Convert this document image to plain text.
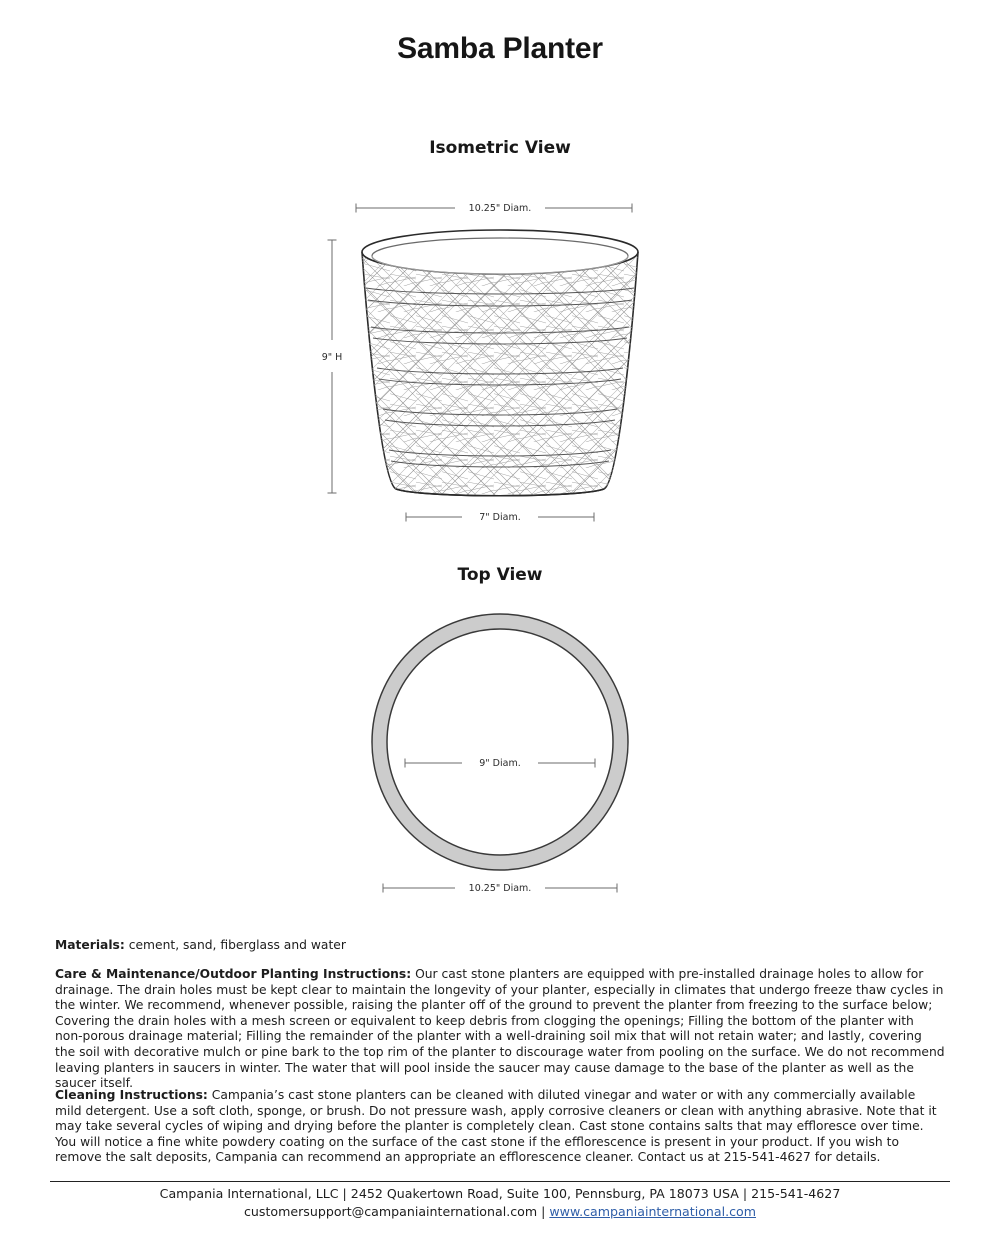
Samba Planter
Isometric View
10.25" Diam.
9" H
7" Diam.
Top View
9" Diam.
10.25" Diam.
Materials: cement, sand, fiberglass and water
Care & Maintenance/Outdoor Planting Instructions: Our cast stone planters are equipped with pre-installed drainage holes to allow for drainage. The drain holes must be kept clear to maintain the longevity of your planter, especially in climates that undergo freeze thaw cycles in the winter. We recommend, whenever possible, raising the planter off of the ground to prevent the planter from freezing to the surface below; Covering the drain holes with a mesh screen or equivalent to keep debris from clogging the openings; Filling the bottom of the planter with non-porous drainage material; Filling the remainder of the planter with a well-draining soil mix that will not retain water; and lastly, covering the soil with decorative mulch or pine bark to the top rim of the planter to discourage water from pooling on the surface. We do not recommend leaving planters in saucers in winter. The water that will pool inside the saucer may cause damage to the base of the planter as well as the saucer itself.
Cleaning Instructions: Campania’s cast stone planters can be cleaned with diluted vinegar and water or with any commercially available mild detergent. Use a soft cloth, sponge, or brush. Do not pressure wash, apply corrosive cleaners or clean with anything abrasive. Note that it may take several cycles of wiping and drying before the planter is completely clean. Cast stone contains salts that may effloresce over time. You will notice a fine white powdery coating on the surface of the cast stone if the efflorescence is present in your product. If you wish to remove the salt deposits, Campania can recommend an appropriate an efflorescence cleaner. Contact us at 215-541-4627 for details.
Campania International, LLC | 2452 Quakertown Road, Suite 100, Pennsburg, PA 18073 USA | 215-541-4627
customersupport@campaniainternational.com | www.campaniainternational.com
